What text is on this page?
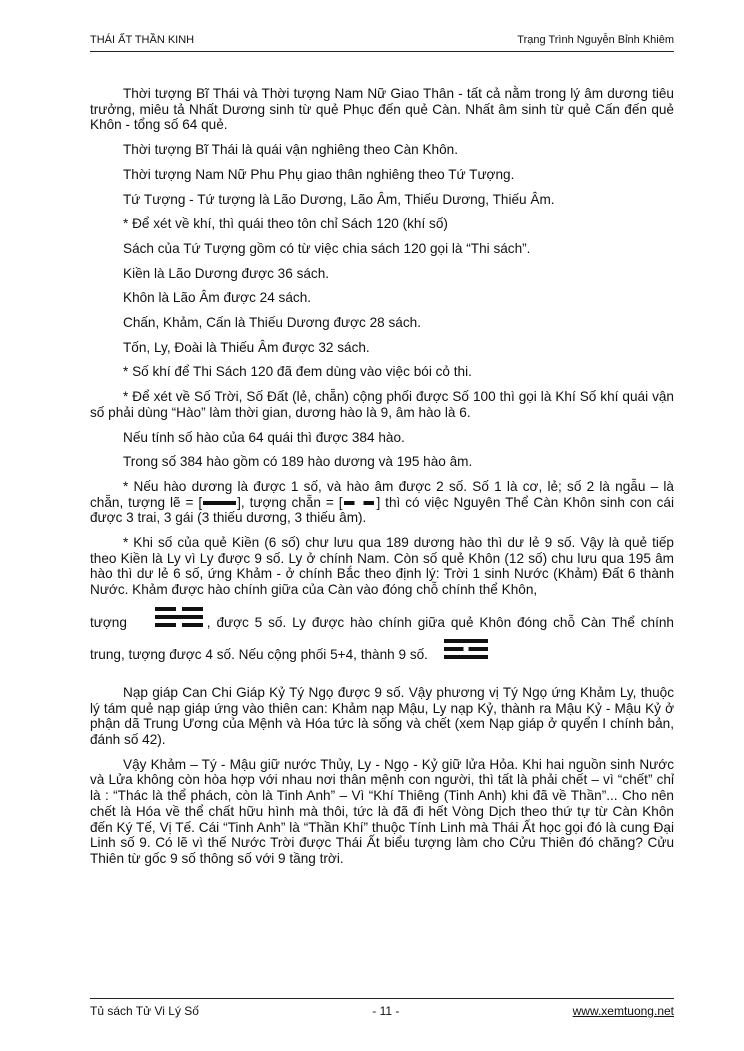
THÁI ẤT THẦN KINH	Trạng Trình Nguyễn Bỉnh Khiêm

Thời tượng Bĩ Thái và Thời tượng Nam Nữ Giao Thân - tất cả nằm trong lý âm dương tiêu trưởng, miêu tả Nhất Dương sinh từ quẻ Phục đến quẻ Càn. Nhất âm sinh từ quẻ Cấn đến quẻ Khôn - tổng số 64 quẻ.

Thời tượng Bĩ Thái là quái vận nghiêng theo Càn Khôn.

Thời tượng Nam Nữ Phu Phụ giao thân nghiêng theo Tứ Tượng.

Tứ Tượng - Tứ tượng là Lão Dương, Lão Âm, Thiếu Dương, Thiếu Âm.

* Để xét về khí, thì quái theo tôn chỉ Sách 120 (khí số)

Sách của Tứ Tượng gồm có từ việc chia sách 120 gọi là “Thi sách”.

Kiền là Lão Dương được 36 sách.

Khôn là Lão Âm được 24 sách.

Chấn, Khảm, Cấn là Thiếu Dương được 28 sách.

Tốn, Ly, Đoài là Thiếu Âm được 32 sách.

* Số khí để Thi Sách 120 đã đem dùng vào việc bói cỏ thi.

* Để xét về Số Trời, Số Đất (lẻ, chẵn) cộng phối được Số 100 thì gọi là Khí Số khí quái vận số phải dùng “Hào” làm thời gian, dương hào là 9, âm hào là 6.

Nếu tính số hào của 64 quái thì được 384 hào.

Trong số 384 hào gồm có 189 hào dương và 195 hào âm.

* Nếu hào dương là được 1 số, và hào âm được 2 số. Số 1 là cơ, lẻ; số 2 là ngẫu – là chẵn, tượng lẽ = [	], tượng chẵn = [	] thì có việc Nguyên Thể Càn Khôn sinh con cái được 3 trai, 3 gái (3 thiếu dương, 3 thiếu âm).

* Khi số của quẻ Kiền (6 số) chư lưu qua 189 dương hào thì dư lẻ 9 số. Vậy là quẻ tiếp theo Kiền là Ly vì Ly được 9 số. Ly ở chính Nam. Còn số quẻ Khôn (12 số) chu lưu qua 195 âm hào thì dư lẻ 6 số, ứng Khảm - ở chính Bắc theo định lý: Trời 1 sinh Nước (Khảm) Đất 6 thành Nước. Khảm được hào chính giữa của Càn vào đóng chỗ chính thể Khôn,

tượng	, được 5 số. Ly được hào chính giữa quẻ Khôn đóng chỗ Càn Thể chính trung, tượng được 4 số. Nếu cộng phối 5+4, thành 9 số.

Nạp giáp Can Chi Giáp Kỷ Tý Ngọ được 9 số. Vậy phương vị Tý Ngọ ứng Khảm Ly, thuộc lý tám quẻ nạp giáp ứng vào thiên can: Khảm nạp Mậu, Ly nạp Kỷ, thành ra Mậu Kỷ - Mậu Kỷ ở phận dã Trung Ương của Mệnh và Hóa tức là sống và chết (xem Nạp giáp ở quyển I chính bản, đánh số 42).

Vậy Khảm – Tý - Mậu giữ nước Thủy, Ly - Ngọ - Kỷ giữ lửa Hỏa. Khi hai nguồn sinh Nước và Lửa không còn hòa hợp với nhau nơi thân mệnh con người, thì tất là phải chết – vì “chết” chỉ là : “Thác là thể phách, còn là Tinh Anh” – Vì “Khí Thiêng (Tinh Anh) khi đã về Thần”... Cho nên chết là Hóa về thể chất hữu hình mà thôi, tức là đã đi hết Vòng Dịch theo thứ tự từ Càn Khôn đến Ký Tế, Vị Tế. Cái “Tinh Anh” là “Thần Khí” thuộc Tính Linh mà Thái Ất học gọi đó là cung Đại Linh số 9. Có lẽ vì thế Nước Trời được Thái Ất biểu tượng làm cho Cửu Thiên đó chăng? Cửu Thiên từ gốc 9 số thông số với 9 tầng trời.

Tủ sách Tử Vi Lý Số	- 11 -	www.xemtuong.net
